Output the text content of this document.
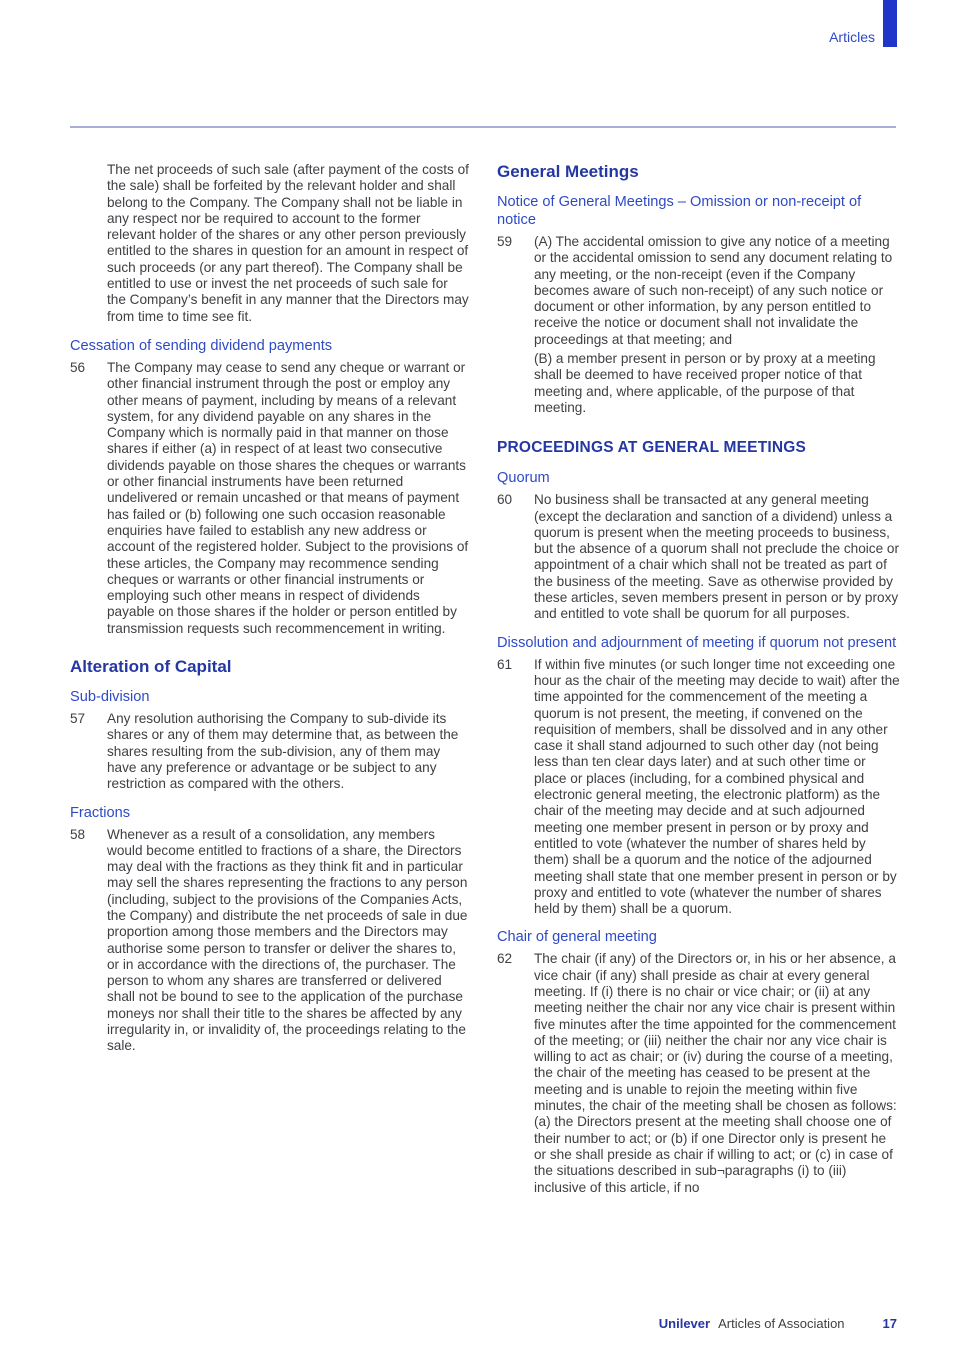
Articles

The net proceeds of such sale (after payment of the costs of the sale) shall be forfeited by the relevant holder and shall belong to the Company. The Company shall not be liable in any respect nor be required to account to the former relevant holder of the shares or any other person previously entitled to the shares in question for an amount in respect of such proceeds (or any part thereof). The Company shall be entitled to use or invest the net proceeds of such sale for the Company’s benefit in any manner that the Directors may from time to time see fit.

Cessation of sending dividend payments
56	The Company may cease to send any cheque or warrant or other financial instrument through the post or employ any other means of payment, including by means of a relevant system, for any dividend payable on any shares in the Company which is normally paid in that manner on those shares if either (a) in respect of at least two consecutive dividends payable on those shares the cheques or warrants or other financial instruments have been returned undelivered or remain uncashed or that means of payment has failed or (b) following one such occasion reasonable enquiries have failed to establish any new address or account of the registered holder. Subject to the provisions of these articles, the Company may recommence sending cheques or warrants or other financial instruments or employing such other means in respect of dividends payable on those shares if the holder or person entitled by transmission requests such recommencement in writing.
Alteration of Capital
Sub-division
57	Any resolution authorising the Company to sub-divide its shares or any of them may determine that, as between the shares resulting from the sub-division, any of them may have any preference or advantage or be subject to any restriction as compared with the others.
Fractions
58	Whenever as a result of a consolidation, any members would become entitled to fractions of a share, the Directors may deal with the fractions as they think fit and in particular may sell the shares representing the fractions to any person (including, subject to the provisions of the Companies Acts, the Company) and distribute the net proceeds of sale in due proportion among those members and the Directors may authorise some person to transfer or deliver the shares to, or in accordance with the directions of, the purchaser. The person to whom any shares are transferred or delivered shall not be bound to see to the application of the purchase moneys nor shall their title to the shares be affected by any irregularity in, or invalidity of, the proceedings relating to the sale.
General Meetings
Notice of General Meetings – Omission or non-receipt of notice
59	(A) The accidental omission to give any notice of a meeting or the accidental omission to send any document relating to any meeting, or the non-receipt (even if the Company becomes aware of such non-receipt) of any such notice or document or other information, by any person entitled to receive the notice or document shall not invalidate the proceedings at that meeting; and

(B) a member present in person or by proxy at a meeting shall be deemed to have received proper notice of that meeting and, where applicable, of the purpose of that meeting.

PROCEEDINGS AT GENERAL MEETINGS
Quorum
60	No business shall be transacted at any general meeting (except the declaration and sanction of a dividend) unless a quorum is present when the meeting proceeds to business, but the absence of a quorum shall not preclude the choice or appointment of a chair which shall not be treated as part of the business of the meeting. Save as otherwise provided by these articles, seven members present in person or by proxy and entitled to vote shall be quorum for all purposes.
Dissolution and adjournment of meeting if quorum not present
61	If within five minutes (or such longer time not exceeding one hour as the chair of the meeting may decide to wait) after the time appointed for the commencement of the meeting a quorum is not present, the meeting, if convened on the requisition of members, shall be dissolved and in any other case it shall stand adjourned to such other day (not being less than ten clear days later) and at such other time or place or places (including, for a combined physical and electronic general meeting, the electronic platform) as the chair of the meeting may decide and at such adjourned meeting one member present in person or by proxy and entitled to vote (whatever the number of shares held by them) shall be a quorum and the notice of the adjourned meeting shall state that one member present in person or by proxy and entitled to vote (whatever the number of shares held by them) shall be a quorum.
Chair of general meeting
62	The chair (if any) of the Directors or, in his or her absence, a vice chair (if any) shall preside as chair at every general meeting. If (i) there is no chair or vice chair; or (ii) at any meeting neither the chair nor any vice chair is present within five minutes after the time appointed for the commencement of the meeting; or (iii) neither the chair nor any vice chair is willing to act as chair; or (iv) during the course of a meeting, the chair of the meeting has ceased to be present at the meeting and is unable to rejoin the meeting within five minutes, the chair of the meeting shall be chosen as follows: (a) the Directors present at the meeting shall choose one of their number to act; or (b) if one Director only is present he or she shall preside as chair if willing to act; or (c) in case of the situations described in sub¬paragraphs (i) to (iii) inclusive of this article, if no
Unilever Articles of Association	17
